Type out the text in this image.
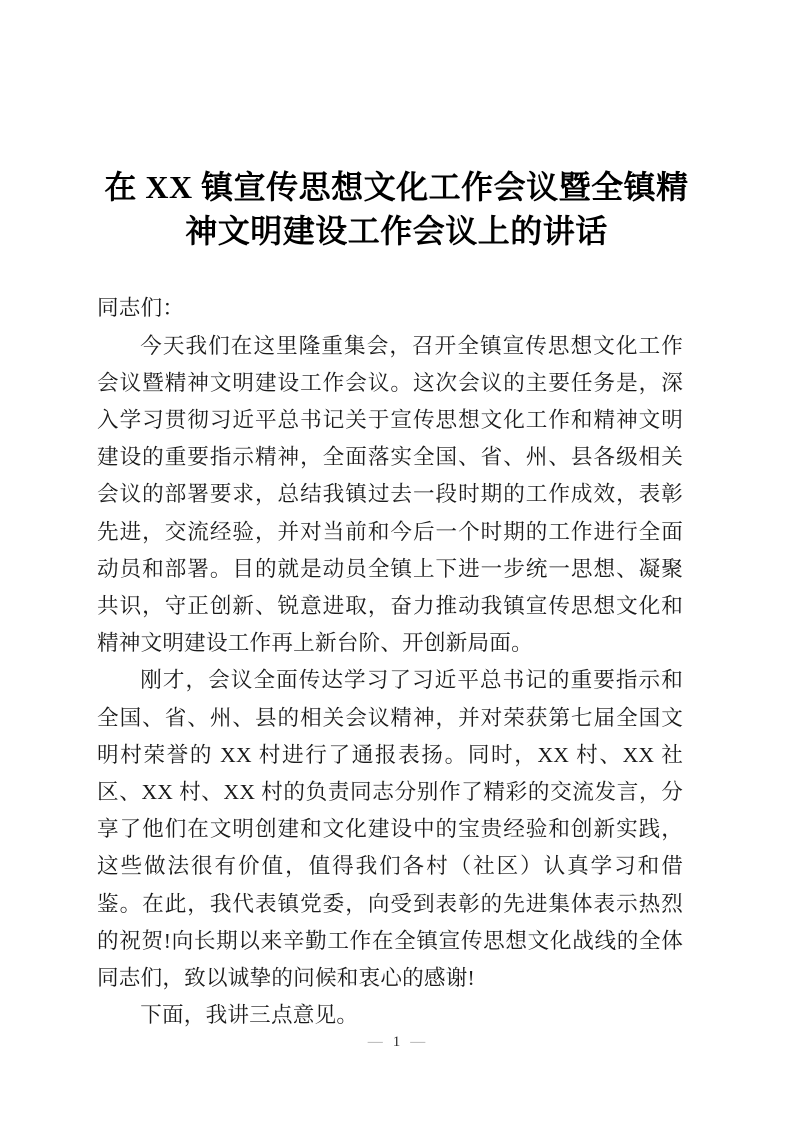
在 XX 镇宣传思想文化工作会议暨全镇精
神文明建设工作会议上的讲话

同志们：

今天我们在这里隆重集会，召开全镇宣传思想文化工作会议暨精神文明建设工作会议。这次会议的主要任务是，深入学习贯彻习近平总书记关于宣传思想文化工作和精神文明建设的重要指示精神，全面落实全国、省、州、县各级相关会议的部署要求，总结我镇过去一段时期的工作成效，表彰先进，交流经验，并对当前和今后一个时期的工作进行全面动员和部署。目的就是动员全镇上下进一步统一思想、凝聚共识，守正创新、锐意进取，奋力推动我镇宣传思想文化和精神文明建设工作再上新台阶、开创新局面。

刚才，会议全面传达学习了习近平总书记的重要指示和全国、省、州、县的相关会议精神，并对荣获第七届全国文明村荣誉的 XX 村进行了通报表扬。同时，XX 村、XX 社区、XX 村、XX 村的负责同志分别作了精彩的交流发言，分享了他们在文明创建和文化建设中的宝贵经验和创新实践，这些做法很有价值，值得我们各村（社区）认真学习和借鉴。在此，我代表镇党委，向受到表彰的先进集体表示热烈的祝贺!向长期以来辛勤工作在全镇宣传思想文化战线的全体同志们，致以诚挚的问候和衷心的感谢!

下面，我讲三点意见。

— 1 —
